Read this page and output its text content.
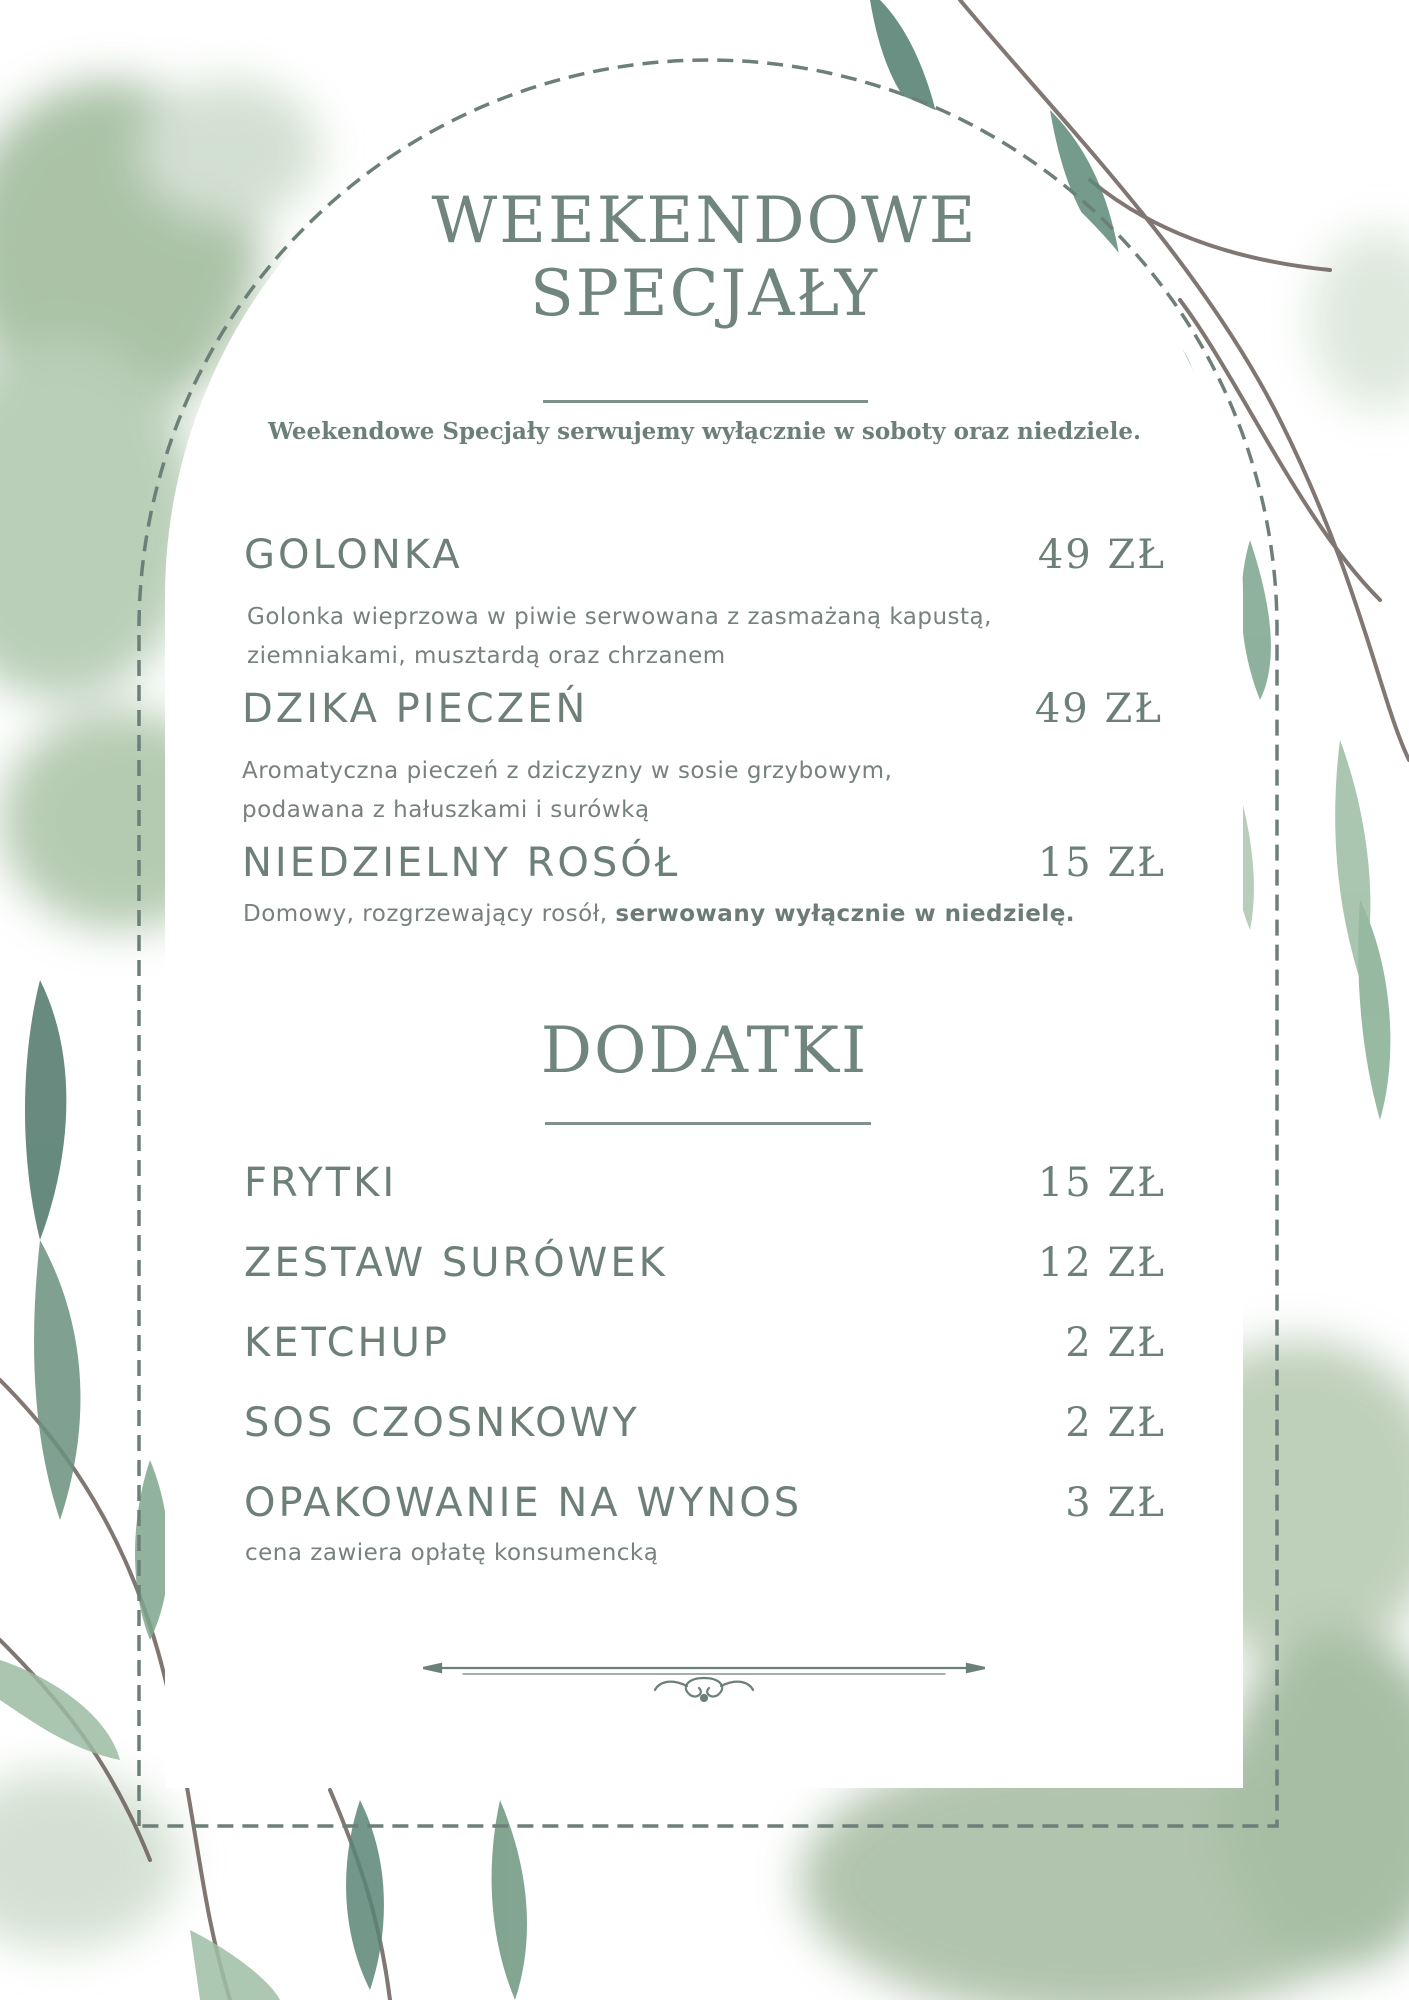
WEEKENDOWE
SPECJAŁY
Weekendowe Specjały serwujemy wyłącznie w soboty oraz niedziele.
GOLONKA	49 ZŁ
Golonka wieprzowa w piwie serwowana z zasmażaną kapustą,
ziemniakami, musztardą oraz chrzanem
DZIKA PIECZEŃ	49 ZŁ
Aromatyczna pieczeń z dziczyzny w sosie grzybowym,
podawana z hałuszkami i surówką
NIEDZIELNY ROSÓŁ	15 ZŁ
Domowy, rozgrzewający rosół, serwowany wyłącznie w niedzielę.
DODATKI
FRYTKI	15 ZŁ
ZESTAW SURÓWEK	12 ZŁ
KETCHUP	2 ZŁ
SOS CZOSNKOWY	2 ZŁ
OPAKOWANIE NA WYNOS	3 ZŁ
cena zawiera opłatę konsumencką
